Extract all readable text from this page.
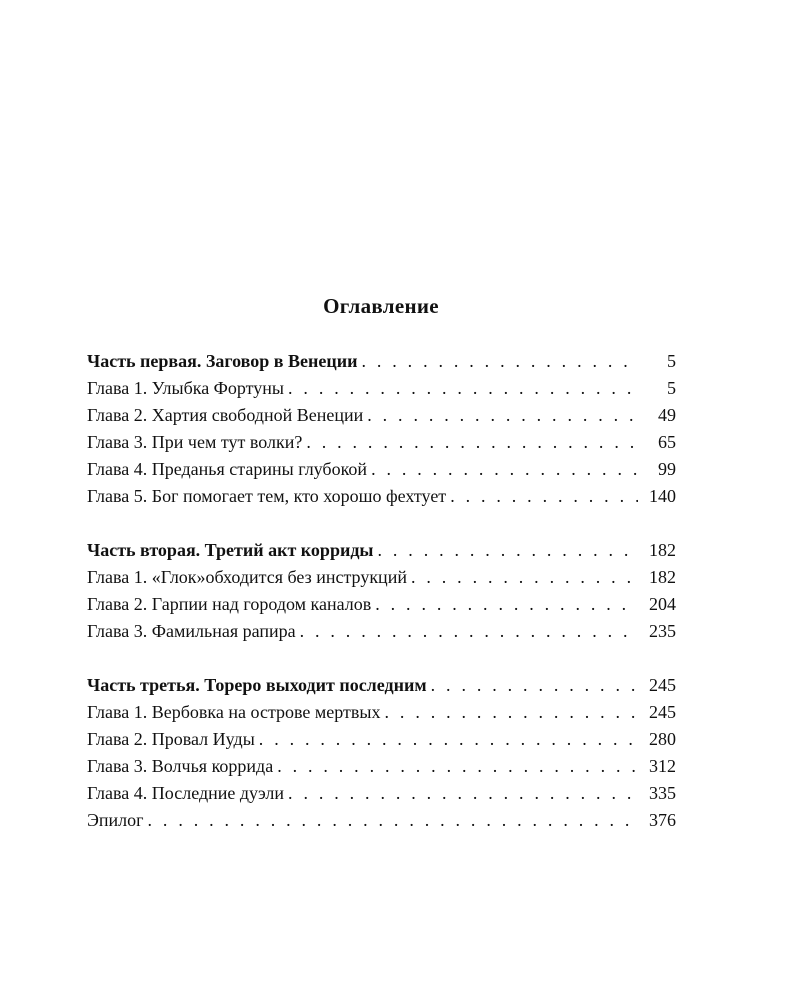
Оглавление
Часть первая. Заговор в Венеции . . .	5
Глава 1. Улыбка Фортуны . . .	5
Глава 2. Хартия свободной Венеции . . .	49
Глава 3. При чем тут волки? . . .	65
Глава 4. Преданья старины глубокой . . .	99
Глава 5. Бог помогает тем, кто хорошо фехтует . . .	140
Часть вторая. Третий акт корриды . . .	182
Глава 1. «Глок»обходится без инструкций . . .	182
Глава 2. Гарпии над городом каналов . . .	204
Глава 3. Фамильная рапира . . .	235
Часть третья. Тореро выходит последним . . .	245
Глава 1. Вербовка на острове мертвых . . .	245
Глава 2. Провал Иуды . . .	280
Глава 3. Волчья коррида . . .	312
Глава 4. Последние дуэли . . .	335
Эпилог . . .	376
